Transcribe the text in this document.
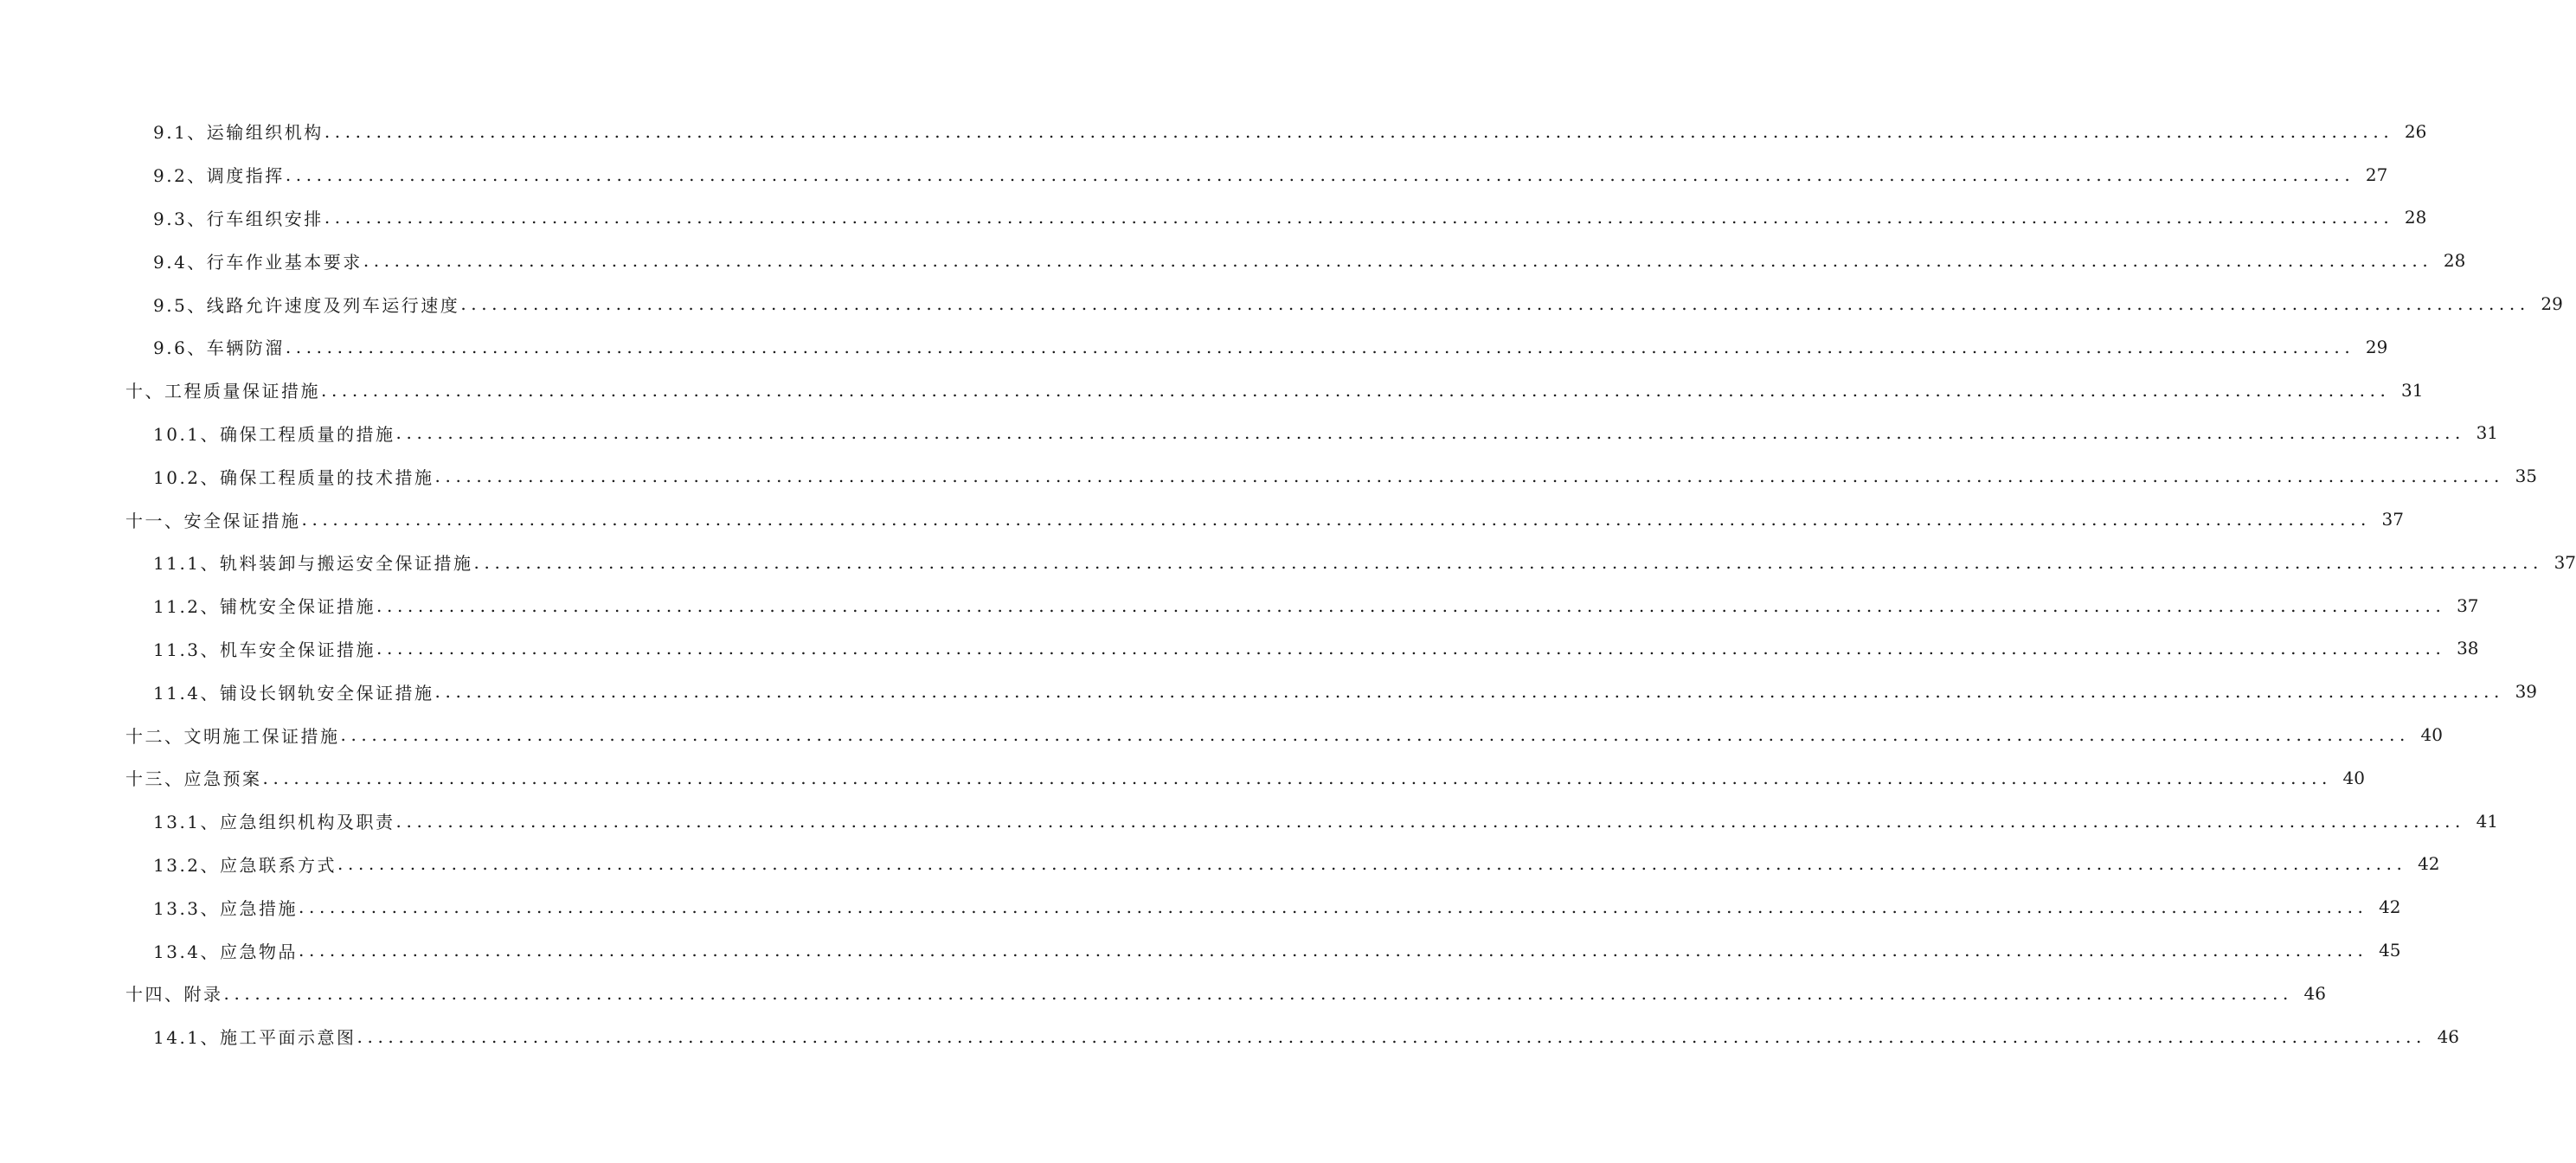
9.1、运输组织机构 ........................................................................................................................................................................................................ 26
9.2、调度指挥 ........................................................................................................................................................................................................ 27
9.3、行车组织安排 ........................................................................................................................................................................................................ 28
9.4、行车作业基本要求 ........................................................................................................................................................................................................ 28
9.5、线路允许速度及列车运行速度 ........................................................................................................................................................................................................ 29
9.6、车辆防溜 ........................................................................................................................................................................................................ 29
十、工程质量保证措施 ........................................................................................................................................................................................................ 31
10.1、确保工程质量的措施 ........................................................................................................................................................................................................ 31
10.2、确保工程质量的技术措施 ........................................................................................................................................................................................................ 35
十一、安全保证措施 ........................................................................................................................................................................................................ 37
11.1、轨料装卸与搬运安全保证措施 ........................................................................................................................................................................................................ 37
11.2、铺枕安全保证措施 ........................................................................................................................................................................................................ 37
11.3、机车安全保证措施 ........................................................................................................................................................................................................ 38
11.4、铺设长钢轨安全保证措施 ........................................................................................................................................................................................................ 39
十二、文明施工保证措施 ........................................................................................................................................................................................................ 40
十三、应急预案 ........................................................................................................................................................................................................ 40
13.1、应急组织机构及职责 ........................................................................................................................................................................................................ 41
13.2、应急联系方式 ........................................................................................................................................................................................................ 42
13.3、应急措施 ........................................................................................................................................................................................................ 42
13.4、应急物品 ........................................................................................................................................................................................................ 45
十四、附录 ........................................................................................................................................................................................................ 46
14.1、施工平面示意图 ........................................................................................................................................................................................................ 46
